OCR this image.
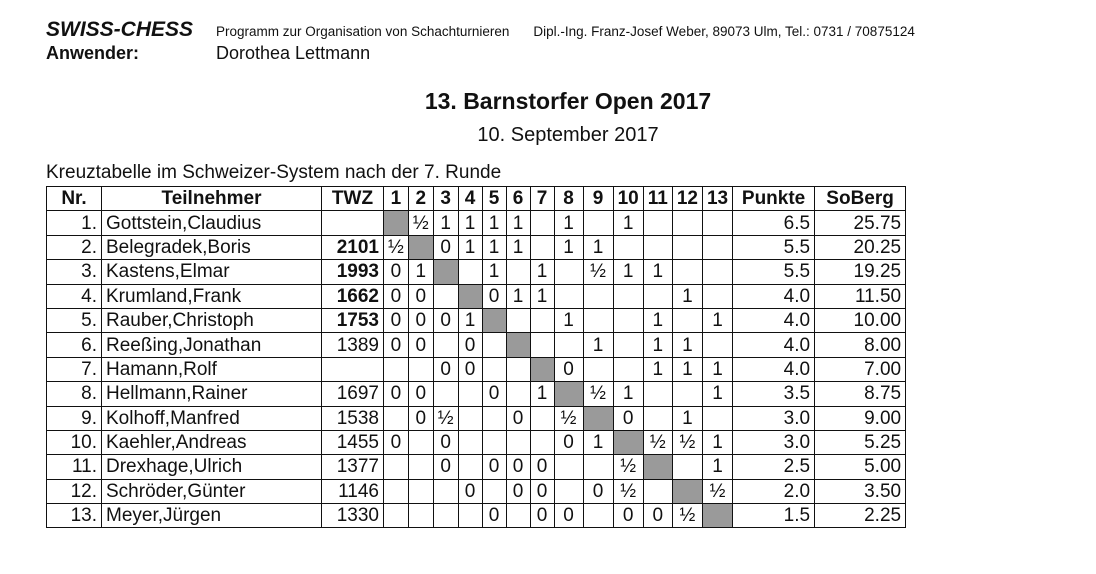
SWISS-CHESS	Programm zur Organisation von Schachturnieren Dipl.-Ing. Franz-Josef Weber, 89073 Ulm, Tel.: 0731 / 70875124
Anwender:	Dorothea Lettmann
13. Barnstorfer Open 2017
10. September 2017
Kreuztabelle im Schweizer-System nach der 7. Runde
Nr.	Teilnehmer	TWZ	1	2	3	4	5	6	7	8	9	10	11	12	13	Punkte	SoBerg
1.	Gottstein,Claudius			½	1	1	1	1		1		1				6.5	25.75
2.	Belegradek,Boris	2101	½		0	1	1	1		1	1					5.5	20.25
3.	Kastens,Elmar	1993	0	1			1		1		½	1	1			5.5	19.25
4.	Krumland,Frank	1662	0	0			0	1	1					1		4.0	11.50
5.	Rauber,Christoph	1753	0	0	0	1				1			1		1	4.0	10.00
6.	Reeßing,Jonathan	1389	0	0		0					1		1	1		4.0	8.00
7.	Hamann,Rolf				0	0				0			1	1	1	4.0	7.00
8.	Hellmann,Rainer	1697	0	0			0		1		½	1			1	3.5	8.75
9.	Kolhoff,Manfred	1538		0	½			0		½		0		1		3.0	9.00
10.	Kaehler,Andreas	1455	0		0					0	1		½	½	1	3.0	5.25
11.	Drexhage,Ulrich	1377			0		0	0	0			½			1	2.5	5.00
12.	Schröder,Günter	1146				0		0	0		0	½			½	2.0	3.50
13.	Meyer,Jürgen	1330					0		0	0		0	0	½		1.5	2.25
